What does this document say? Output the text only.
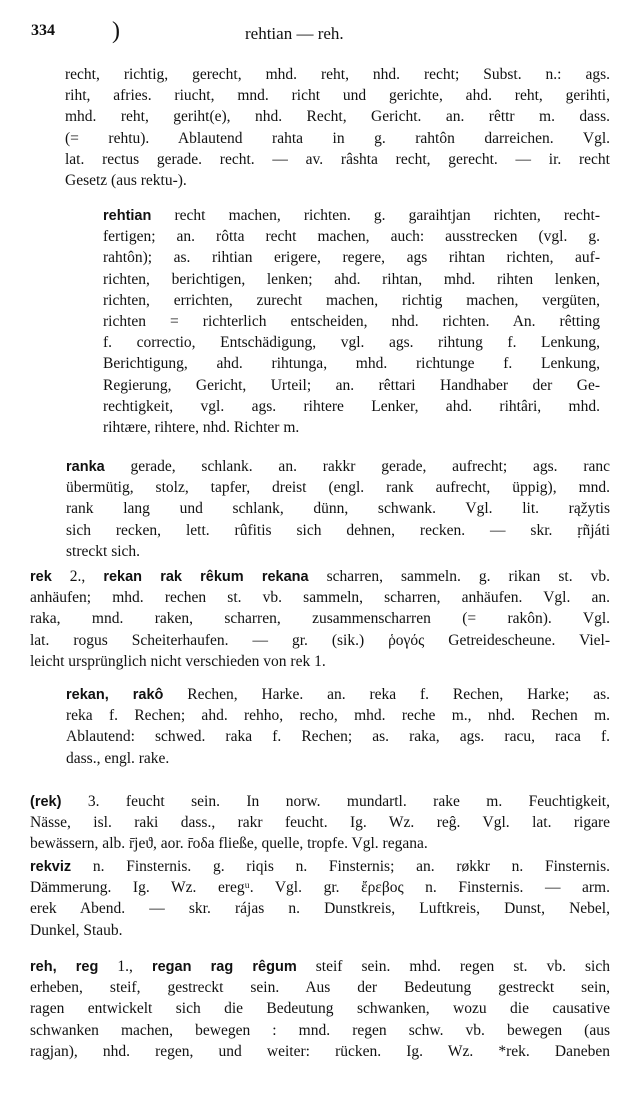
334 )	rehtian — reh.
recht, richtig, gerecht, mhd. reht, nhd. recht; Subst. n.: ags.
riht, afries. riucht, mnd. richt und gerichte, ahd. reht, gerihti,
mhd. reht, geriht(e), nhd. Recht, Gericht. an. rêttr m. dass.
(= rehtu). Ablautend rahta in g. rahtôn darreichen. Vgl.
lat. rectus gerade. recht. — av. râshta recht, gerecht. — ir. recht
Gesetz (aus rektu-).
rehtian recht machen, richten. g. garaihtjan richten, recht-
fertigen; an. rôtta recht machen, auch: ausstrecken (vgl. g.
rahtôn); as. rihtian erigere, regere, ags rihtan richten, auf-
richten, berichtigen, lenken; ahd. rihtan, mhd. rihten lenken,
richten, errichten, zurecht machen, richtig machen, vergüten,
richten = richterlich entscheiden, nhd. richten. An. rêtting
f. correctio, Entschädigung, vgl. ags. rihtung f. Lenkung,
Berichtigung, ahd. rihtunga, mhd. richtunge f. Lenkung,
Regierung, Gericht, Urteil; an. rêttari Handhaber der Ge-
rechtigkeit, vgl. ags. rihtere Lenker, ahd. rihtâri, mhd.
rihtære, rihtere, nhd. Richter m.
ranka gerade, schlank. an. rakkr gerade, aufrecht; ags. ranc
übermütig, stolz, tapfer, dreist (engl. rank aufrecht, üppig), mnd.
rank lang und schlank, dünn, schwank. Vgl. lit. rąžytis
sich recken, lett. rûfitis sich dehnen, recken. — skr. ṛñjáti
streckt sich.
rek 2., rekan rak rêkum rekana scharren, sammeln. g. rikan st. vb.
anhäufen; mhd. rechen st. vb. sammeln, scharren, anhäufen. Vgl. an.
raka, mnd. raken, scharren, zusammenscharren (= rakôn). Vgl.
lat. rogus Scheiterhaufen. — gr. (sik.) ῥογός Getreidescheune. Viel-
leicht ursprünglich nicht verschieden von rek 1.
rekan, rakô Rechen, Harke. an. reka f. Rechen, Harke; as.
reka f. Rechen; ahd. rehho, recho, mhd. reche m., nhd. Rechen m.
Ablautend: schwed. raka f. Rechen; as. raka, ags. racu, raca f.
dass., engl. rake.
(rek) 3. feucht sein. In norw. mundartl. rake m. Feuchtigkeit,
Nässe, isl. raki dass., rakr feucht. Ig. Wz. reĝ. Vgl. lat. rigare
bewässern, alb. r̄jeϑ, aor. r̄oδa fließe, quelle, tropfe. Vgl. regana.
rekviz n. Finsternis. g. riqis n. Finsternis; an. røkkr n. Finsternis.
Dämmerung. Ig. Wz. eregᵘ. Vgl. gr. ἔρεβος n. Finsternis. — arm.
erek Abend. — skr. rájas n. Dunstkreis, Luftkreis, Dunst, Nebel,
Dunkel, Staub.
reh, reg 1., regan rag rêgum steif sein. mhd. regen st. vb. sich
erheben, steif, gestreckt sein. Aus der Bedeutung gestreckt sein,
ragen entwickelt sich die Bedeutung schwanken, wozu die causative
schwanken machen, bewegen : mnd. regen schw. vb. bewegen (aus
ragjan), nhd. regen, und weiter: rücken. Ig. Wz. *rek. Daneben
